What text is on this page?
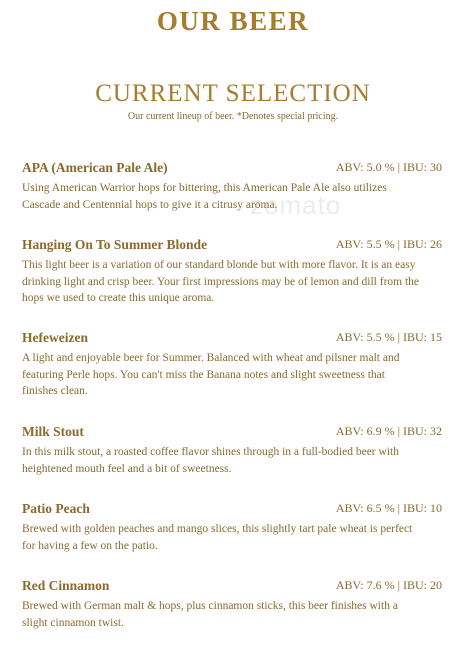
OUR BEER
CURRENT SELECTION
Our current lineup of beer. *Denotes special pricing.
zomato
APA (American Pale Ale)	ABV: 5.0 % | IBU: 30
Using American Warrior hops for bittering, this American Pale Ale also utilizes Cascade and Centennial hops to give it a citrusy aroma.
Hanging On To Summer Blonde	ABV: 5.5 % | IBU: 26
This light beer is a variation of our standard blonde but with more flavor. It is an easy drinking light and crisp beer. Your first impressions may be of lemon and dill from the hops we used to create this unique aroma.
Hefeweizen	ABV: 5.5 % | IBU: 15
A light and enjoyable beer for Summer. Balanced with wheat and pilsner malt and featuring Perle hops. You can't miss the Banana notes and slight sweetness that finishes clean.
Milk Stout	ABV: 6.9 % | IBU: 32
In this milk stout, a roasted coffee flavor shines through in a full-bodied beer with heightened mouth feel and a bit of sweetness.
Patio Peach	ABV: 6.5 % | IBU: 10
Brewed with golden peaches and mango slices, this slightly tart pale wheat is perfect for having a few on the patio.
Red Cinnamon	ABV: 7.6 % | IBU: 20
Brewed with German malt & hops, plus cinnamon sticks, this beer finishes with a slight cinnamon twist.
